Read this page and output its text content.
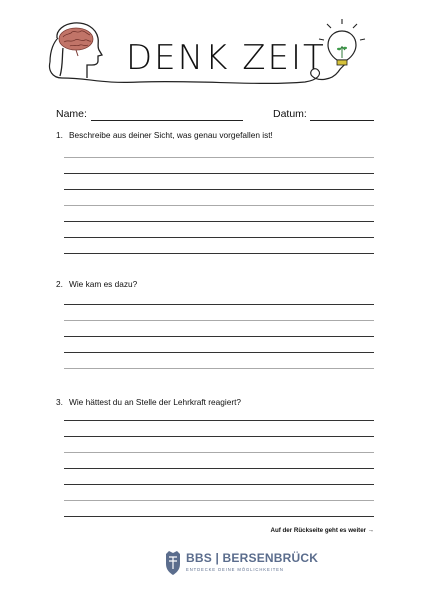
DENK ZEIT
Name:	Datum:
1. Beschreibe aus deiner Sicht, was genau vorgefallen ist!
2. Wie kam es dazu?
3. Wie hättest du an Stelle der Lehrkraft reagiert?
Auf der Rückseite geht es weiter →
BBS | BERSENBRÜCK
ENTDECKE DEINE MÖGLICHKEITEN
